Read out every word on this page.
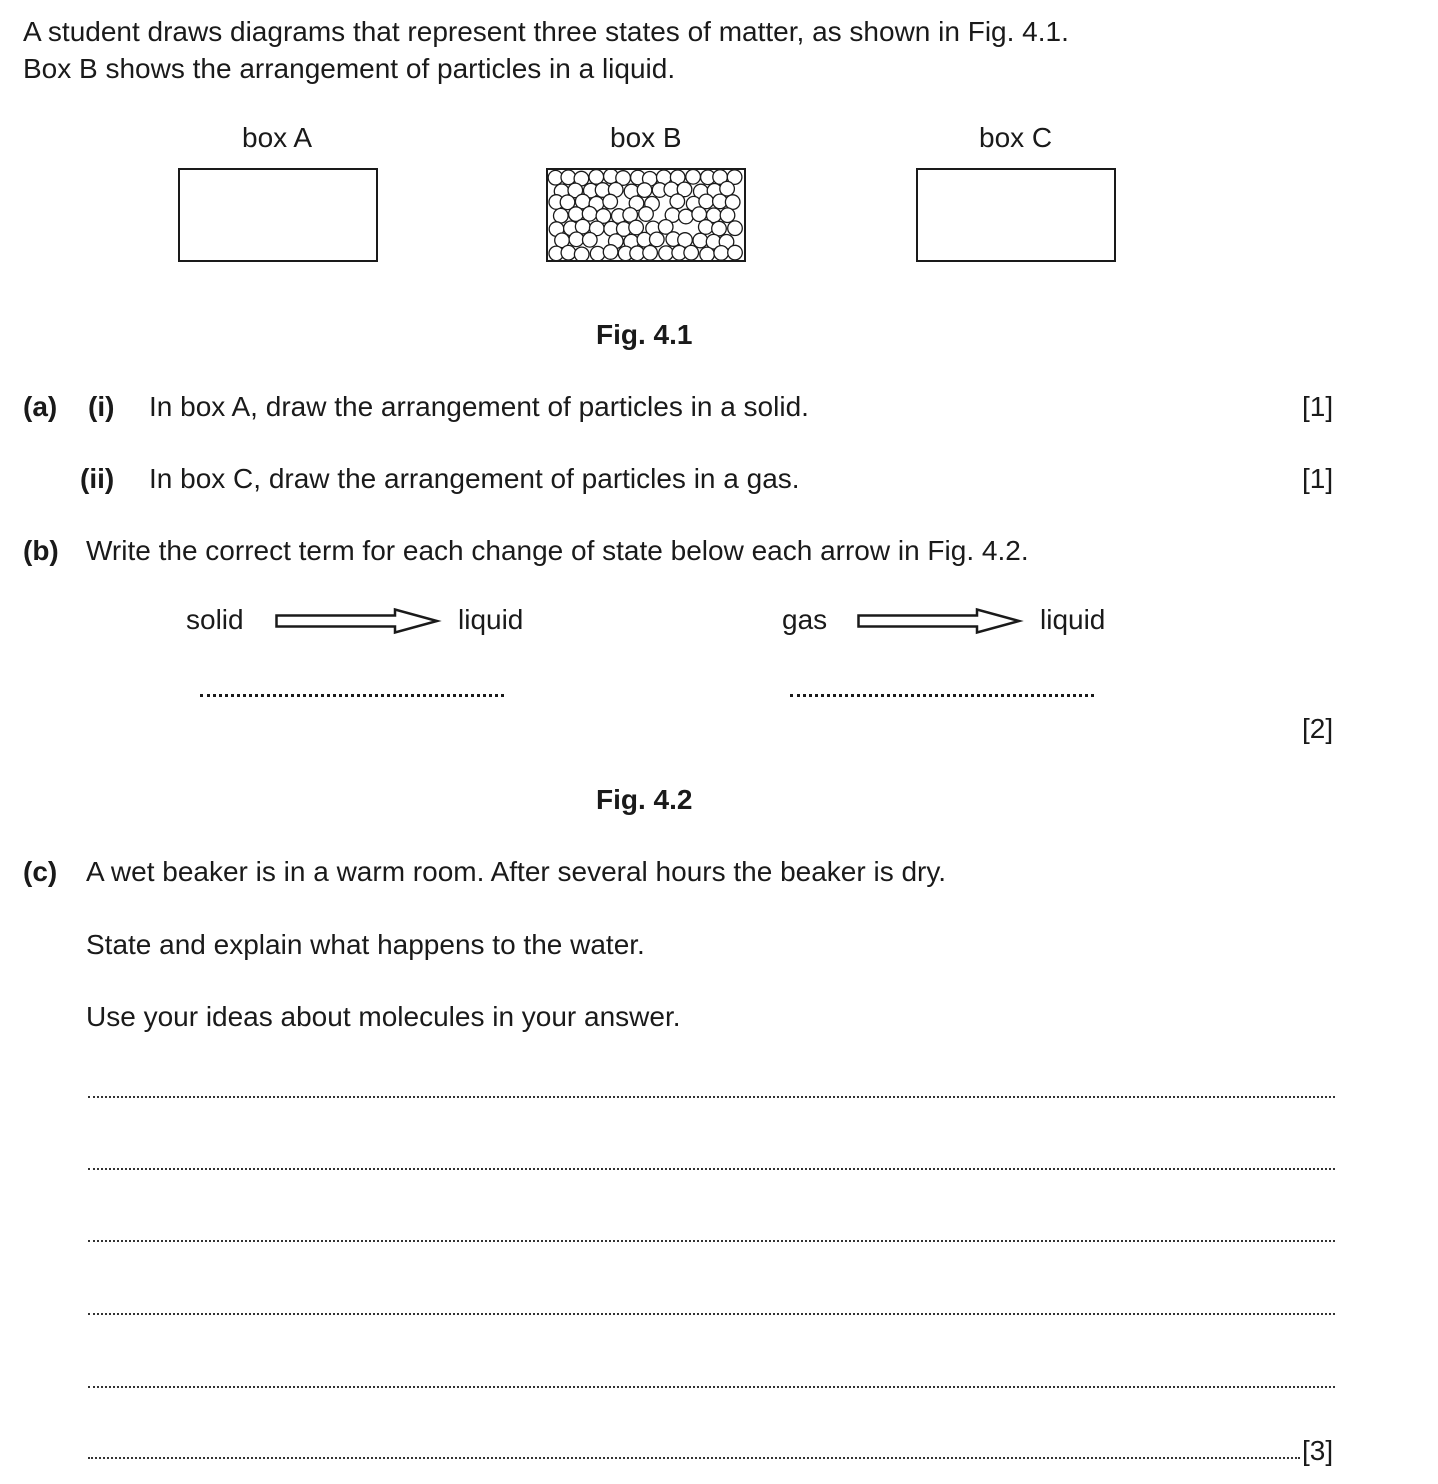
A student draws diagrams that represent three states of matter, as shown in Fig. 4.1.
Box B shows the arrangement of particles in a liquid.
box A	box B	box C
Fig. 4.1
(a) (i) In box A, draw the arrangement of particles in a solid.	[1]
(ii) In box C, draw the arrangement of particles in a gas.	[1]
(b) Write the correct term for each change of state below each arrow in Fig. 4.2.
solid	liquid	gas	liquid
[2]
Fig. 4.2
(c) A wet beaker is in a warm room. After several hours the beaker is dry.
State and explain what happens to the water.
Use your ideas about molecules in your answer.
[3]
